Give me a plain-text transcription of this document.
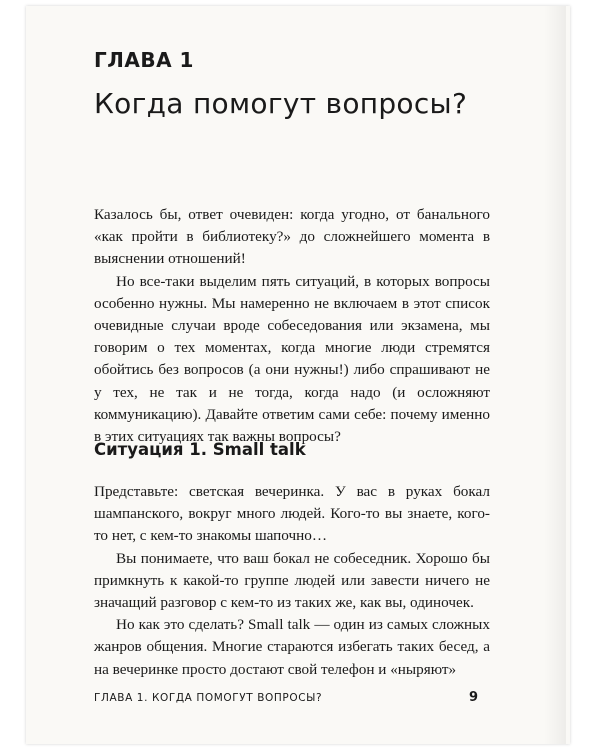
ГЛАВА 1
Когда помогут вопросы?

Казалось бы, ответ очевиден: когда угодно, от банального «как пройти в библиотеку?» до сложнейшего момента в выяснении отношений!

Но все-таки выделим пять ситуаций, в которых вопросы особенно нужны. Мы намеренно не включаем в этот список очевидные случаи вроде собеседования или экзамена, мы говорим о тех моментах, когда многие люди стремятся обойтись без вопросов (а они нужны!) либо спрашивают не у тех, не так и не тогда, когда надо (и осложняют коммуникацию). Давайте ответим сами себе: почему именно в этих ситуациях так важны вопросы?

Ситуация 1. Small talk

Представьте: светская вечеринка. У вас в руках бокал шампанского, вокруг много людей. Кого-то вы знаете, кого-то нет, с кем-то знакомы шапочно…

Вы понимаете, что ваш бокал не собеседник. Хорошо бы примкнуть к какой-то группе людей или завести ничего не значащий разговор с кем-то из таких же, как вы, одиночек.

Но как это сделать? Small talk — один из самых сложных жанров общения. Многие стараются избегать таких бесед, а на вечеринке просто достают свой телефон и «ныряют»

ГЛАВА 1. КОГДА ПОМОГУТ ВОПРОСЫ?	9
